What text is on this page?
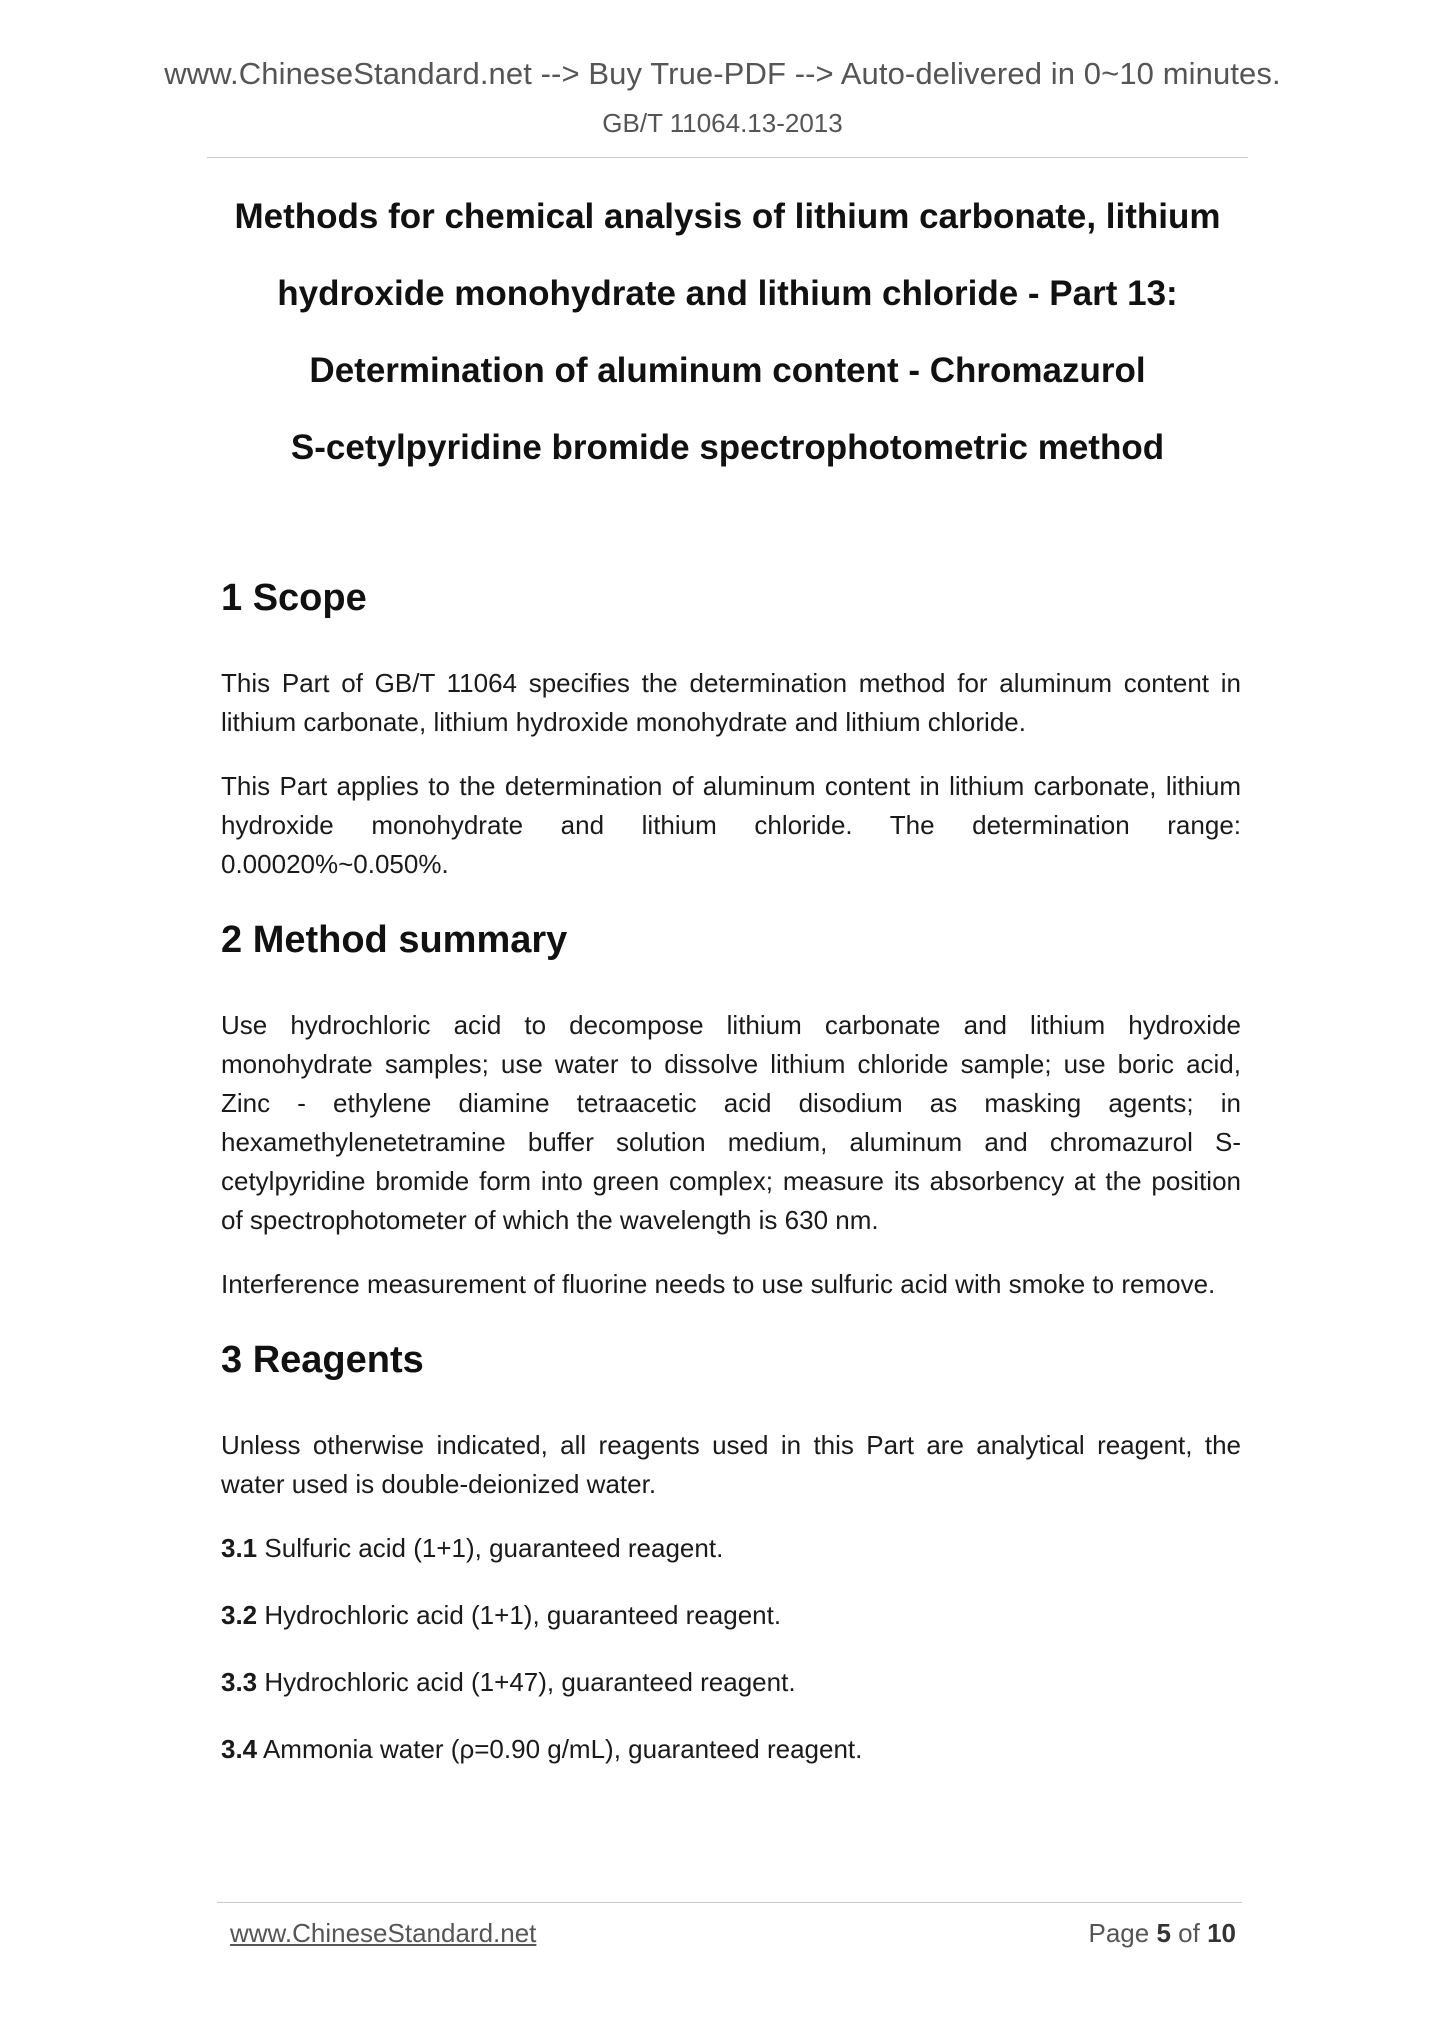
www.ChineseStandard.net --> Buy True-PDF --> Auto-delivered in 0~10 minutes.
GB/T 11064.13-2013
Methods for chemical analysis of lithium carbonate, lithium
hydroxide monohydrate and lithium chloride - Part 13:
Determination of aluminum content - Chromazurol
S-cetylpyridine bromide spectrophotometric method
1 Scope

This Part of GB/T 11064 specifies the determination method for aluminum content in lithium carbonate, lithium hydroxide monohydrate and lithium chloride.

This Part applies to the determination of aluminum content in lithium carbonate, lithium hydroxide monohydrate and lithium chloride. The determination range: 0.00020%~0.050%.

2 Method summary

Use hydrochloric acid to decompose lithium carbonate and lithium hydroxide monohydrate samples; use water to dissolve lithium chloride sample; use boric acid, Zinc - ethylene diamine tetraacetic acid disodium as masking agents; in hexamethylenetetramine buffer solution medium, aluminum and chromazurol S-cetylpyridine bromide form into green complex; measure its absorbency at the position of spectrophotometer of which the wavelength is 630 nm.

Interference measurement of fluorine needs to use sulfuric acid with smoke to remove.

3 Reagents

Unless otherwise indicated, all reagents used in this Part are analytical reagent, the water used is double-deionized water.

3.1 Sulfuric acid (1+1), guaranteed reagent.

3.2 Hydrochloric acid (1+1), guaranteed reagent.

3.3 Hydrochloric acid (1+47), guaranteed reagent.

3.4 Ammonia water (ρ=0.90 g/mL), guaranteed reagent.

www.ChineseStandard.net	Page 5 of 10
